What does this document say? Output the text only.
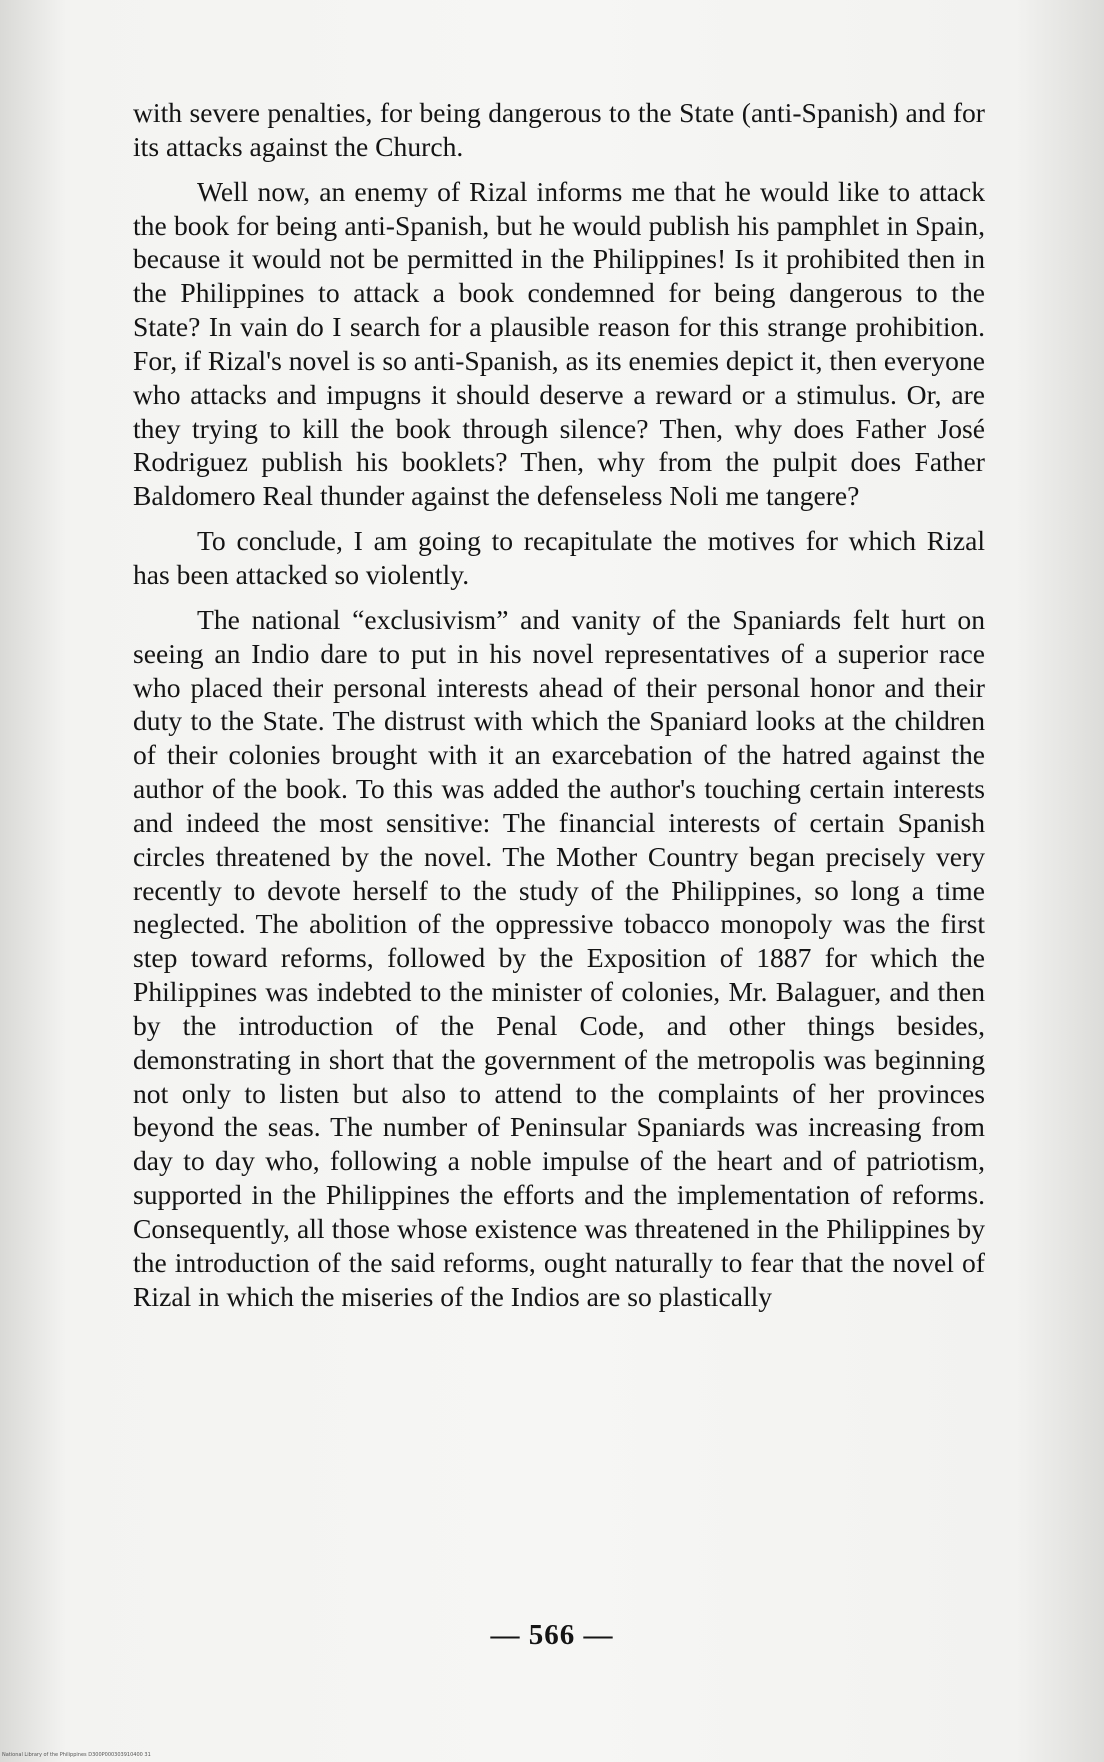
with severe penalties, for being dangerous to the State (anti-Spanish) and for its attacks against the Church.

Well now, an enemy of Rizal informs me that he would like to attack the book for being anti-Spanish, but he would publish his pamphlet in Spain, because it would not be permitted in the Philippines! Is it prohibited then in the Philippines to attack a book condemned for being dangerous to the State? In vain do I search for a plausible reason for this strange prohibition. For, if Rizal's novel is so anti-Spanish, as its enemies depict it, then everyone who attacks and impugns it should deserve a reward or a stimulus. Or, are they trying to kill the book through silence? Then, why does Father José Rodriguez publish his booklets? Then, why from the pulpit does Father Baldomero Real thunder against the defenseless Noli me tangere?

To conclude, I am going to recapitulate the motives for which Rizal has been attacked so violently.

The national “exclusivism” and vanity of the Spaniards felt hurt on seeing an Indio dare to put in his novel representatives of a superior race who placed their personal interests ahead of their personal honor and their duty to the State. The distrust with which the Spaniard looks at the children of their colonies brought with it an exarcebation of the hatred against the author of the book. To this was added the author's touching certain interests and indeed the most sensitive: The financial interests of certain Spanish circles threatened by the novel. The Mother Country began precisely very recently to devote herself to the study of the Philippines, so long a time neglected. The abolition of the oppressive tobacco monopoly was the first step toward reforms, followed by the Exposition of 1887 for which the Philippines was indebted to the minister of colonies, Mr. Balaguer, and then by the introduction of the Penal Code, and other things besides, demonstrating in short that the government of the metropolis was beginning not only to listen but also to attend to the complaints of her provinces beyond the seas. The number of Peninsular Spaniards was increasing from day to day who, following a noble impulse of the heart and of patriotism, supported in the Philippines the efforts and the implementation of reforms. Consequently, all those whose existence was threatened in the Philippines by the introduction of the said reforms, ought naturally to fear that the novel of Rizal in which the miseries of the Indios are so plastically

— 566 —
National Library of the Philippines D300P000303910400 31
